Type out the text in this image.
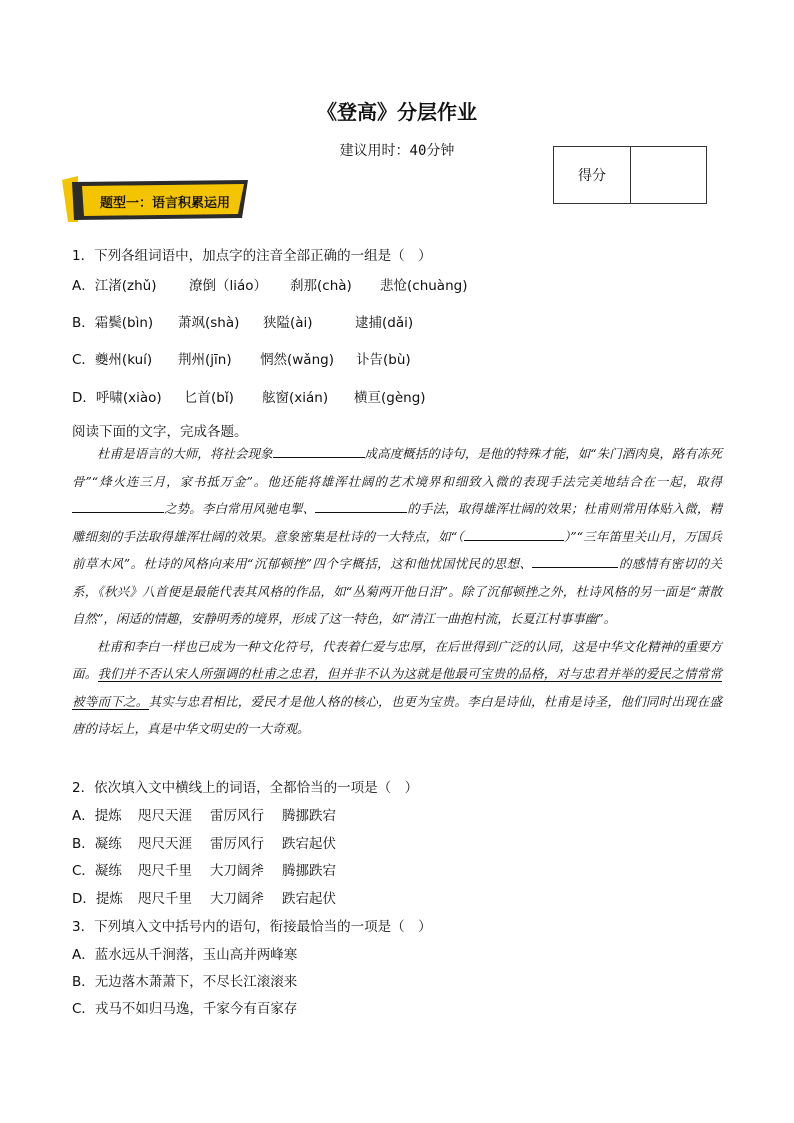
《登高》分层作业
建议用时：40分钟
得分
题型一：语言积累运用
1．下列各组词语中，加点字的注音全部正确的一组是（　）
A．江渚(zhǔ) 潦倒（liáo） 刹那(chà) 悲怆(chuàng)
B．霜鬓(bìn) 萧飒(shà) 狭隘(ài)	逮捕(dǎi)
C．夔州(kuí) 荆州(jīn) 惘然(wǎng) 讣告(bù)
D．呼啸(xiào) 匕首(bǐ) 舷窗(xián) 横亘(gèng)
阅读下面的文字，完成各题。

杜甫是语言的大师，将社会现象	成高度概括的诗句，是他的特殊才能，如“朱门酒肉臭，路有冻死骨”“烽火连三月，家书抵万金”。他还能将雄浑壮阔的艺术境界和细致入微的表现手法完美地结合在一起，取得之势。李白常用风驰电掣、	的手法，取得雄浑壮阔的效果；杜甫则常用体贴入微，精雕细刻的手法取得雄浑壮阔的效果。意象密集是杜诗的一大特点，如“（	）”“三年笛里关山月，万国兵前草木风”。杜诗的风格向来用“沉郁顿挫”四个字概括，这和他忧国忧民的思想、	的感情有密切的关系，《秋兴》八首便是最能代表其风格的作品，如“丛菊两开他日泪”。除了沉郁顿挫之外，杜诗风格的另一面是“萧散自然”，闲适的情趣，安静明秀的境界，形成了这一特色，如“清江一曲抱村流，长夏江村事事幽”。

杜甫和李白一样也已成为一种文化符号，代表着仁爱与忠厚，在后世得到广泛的认同，这是中华文化精神的重要方面。我们并不否认宋人所强调的杜甫之忠君，但并非不认为这就是他最可宝贵的品格，对与忠君并举的爱民之情常常被等而下之。其实与忠君相比，爱民才是他人格的核心，也更为宝贵。李白是诗仙，杜甫是诗圣，他们同时出现在盛唐的诗坛上，真是中华文明史的一大奇观。

2．依次填入文中横线上的词语，全都恰当的一项是（　）
A．提炼 咫尺天涯 雷厉风行 腾挪跌宕
B．凝练 咫尺天涯 雷厉风行 跌宕起伏
C．凝练 咫尺千里 大刀阔斧 腾挪跌宕
D．提炼 咫尺千里 大刀阔斧 跌宕起伏
3．下列填入文中括号内的语句，衔接最恰当的一项是（　）
A．蓝水远从千涧落，玉山高并两峰寒
B．无边落木萧萧下，不尽长江滚滚来
C．戎马不如归马逸，千家今有百家存
